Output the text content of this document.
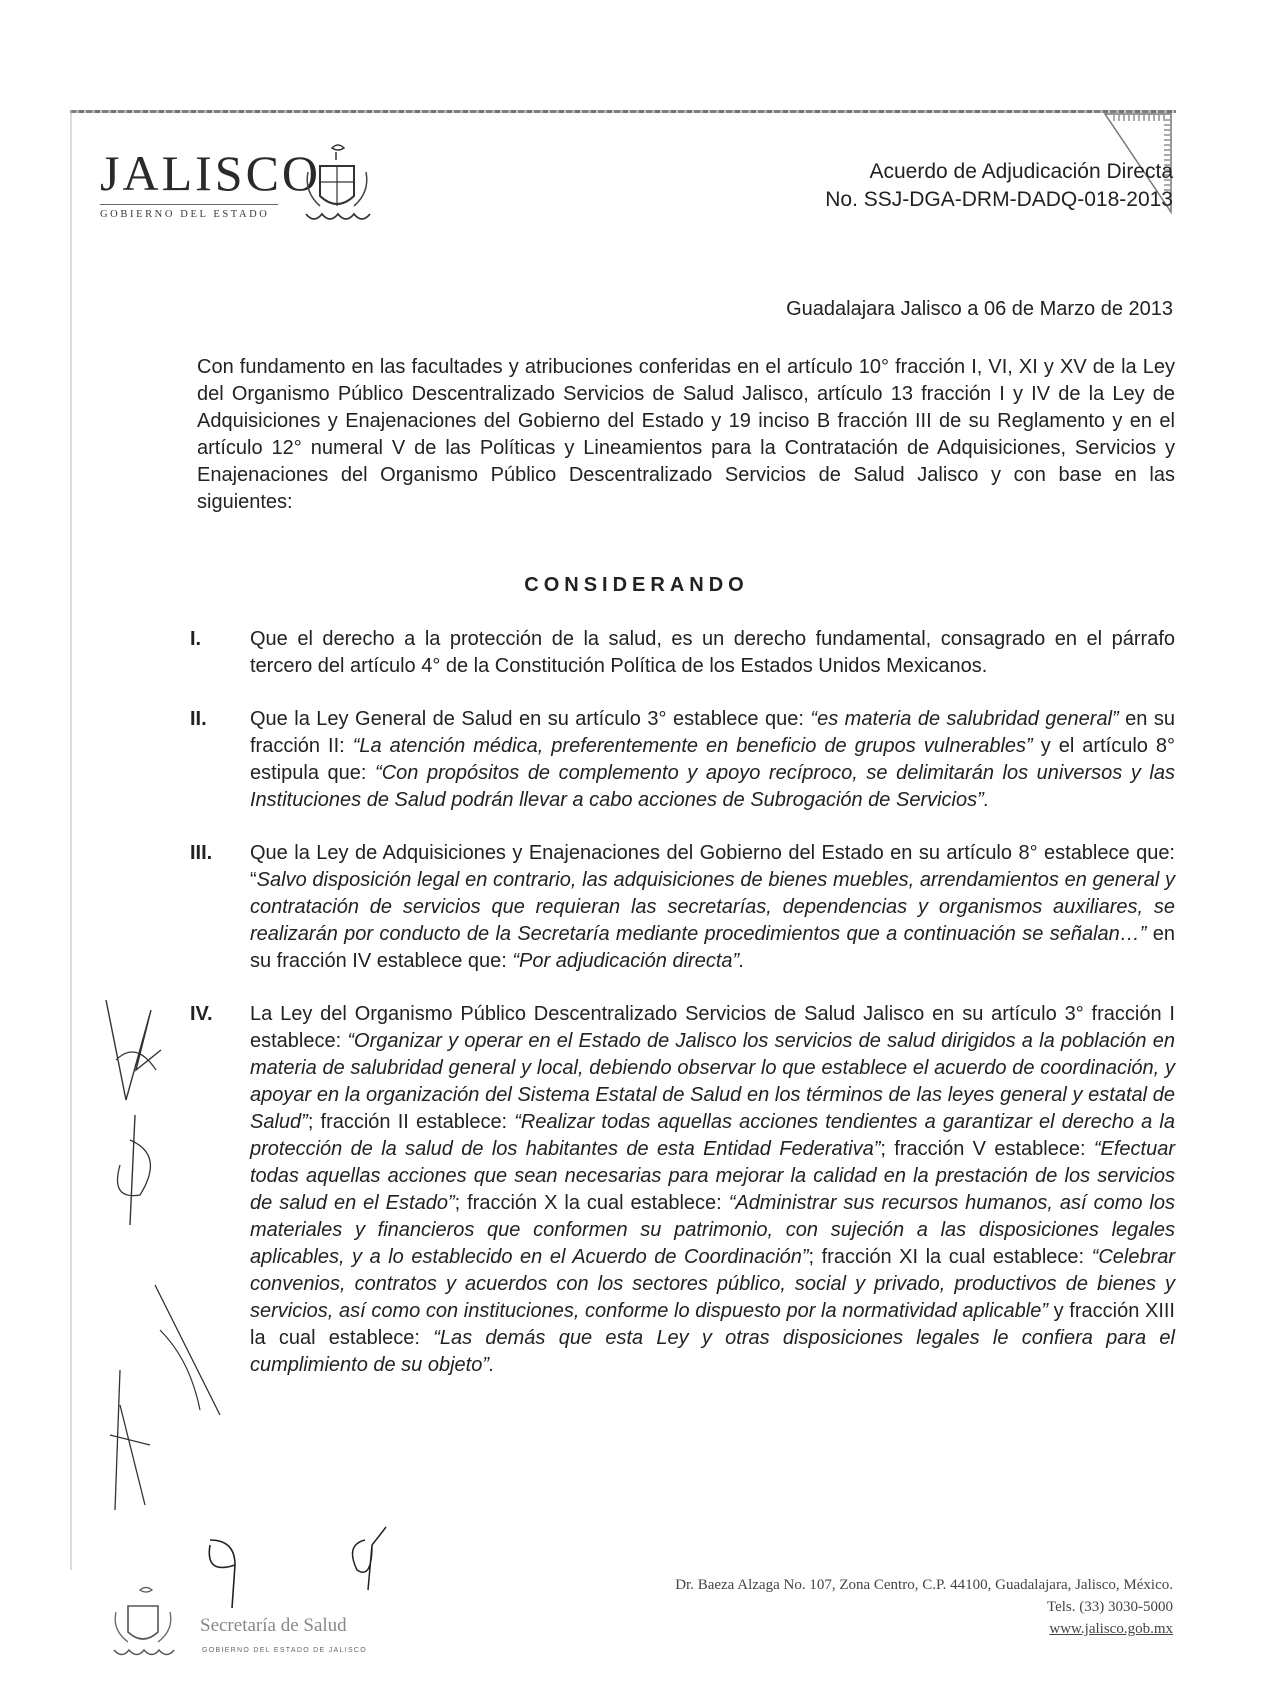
JALISCO
GOBIERNO DEL ESTADO
Acuerdo de Adjudicación Directa
No. SSJ-DGA-DRM-DADQ-018-2013
Guadalajara Jalisco a 06 de Marzo de 2013
Con fundamento en las facultades y atribuciones conferidas en el artículo 10° fracción I, VI, XI y XV de la Ley del Organismo Público Descentralizado Servicios de Salud Jalisco, artículo 13 fracción I y IV de la Ley de Adquisiciones y Enajenaciones del Gobierno del Estado y 19 inciso B fracción III de su Reglamento y en el artículo 12° numeral V de las Políticas y Lineamientos para la Contratación de Adquisiciones, Servicios y Enajenaciones del Organismo Público Descentralizado Servicios de Salud Jalisco y con base en las siguientes:
CONSIDERANDO
I.	Que el derecho a la protección de la salud, es un derecho fundamental, consagrado en el párrafo tercero del artículo 4° de la Constitución Política de los Estados Unidos Mexicanos.
II.	Que la Ley General de Salud en su artículo 3° establece que: “es materia de salubridad general” en su fracción II: “La atención médica, preferentemente en beneficio de grupos vulnerables” y el artículo 8° estipula que: “Con propósitos de complemento y apoyo recíproco, se delimitarán los universos y las Instituciones de Salud podrán llevar a cabo acciones de Subrogación de Servicios”.
III.	Que la Ley de Adquisiciones y Enajenaciones del Gobierno del Estado en su artículo 8° establece que: “Salvo disposición legal en contrario, las adquisiciones de bienes muebles, arrendamientos en general y contratación de servicios que requieran las secretarías, dependencias y organismos auxiliares, se realizarán por conducto de la Secretaría mediante procedimientos que a continuación se señalan…” en su fracción IV establece que: “Por adjudicación directa”.
IV.	La Ley del Organismo Público Descentralizado Servicios de Salud Jalisco en su artículo 3° fracción I establece: “Organizar y operar en el Estado de Jalisco los servicios de salud dirigidos a la población en materia de salubridad general y local, debiendo observar lo que establece el acuerdo de coordinación, y apoyar en la organización del Sistema Estatal de Salud en los términos de las leyes general y estatal de Salud”; fracción II establece: “Realizar todas aquellas acciones tendientes a garantizar el derecho a la protección de la salud de los habitantes de esta Entidad Federativa”; fracción V establece: “Efectuar todas aquellas acciones que sean necesarias para mejorar la calidad en la prestación de los servicios de salud en el Estado”; fracción X la cual establece: “Administrar sus recursos humanos, así como los materiales y financieros que conformen su patrimonio, con sujeción a las disposiciones legales aplicables, y a lo establecido en el Acuerdo de Coordinación”; fracción XI la cual establece: “Celebrar convenios, contratos y acuerdos con los sectores público, social y privado, productivos de bienes y servicios, así como con instituciones, conforme lo dispuesto por la normatividad aplicable” y fracción XIII la cual establece: “Las demás que esta Ley y otras disposiciones legales le confiera para el cumplimiento de su objeto”.
Secretaría de Salud
GOBIERNO DEL ESTADO DE JALISCO
Dr. Baeza Alzaga No. 107, Zona Centro, C.P. 44100, Guadalajara, Jalisco, México.
Tels. (33) 3030-5000
www.jalisco.gob.mx
